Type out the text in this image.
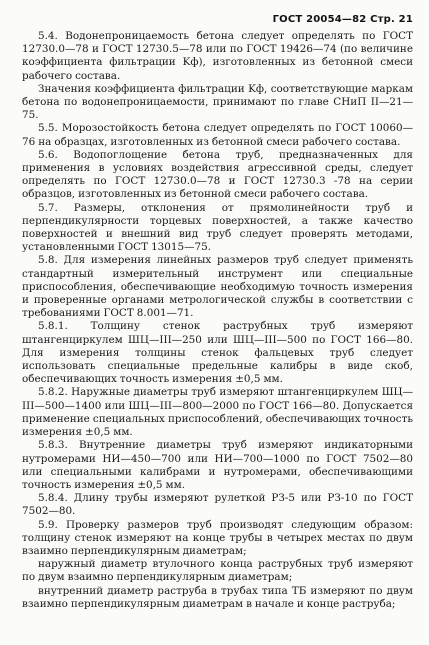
ГОСТ 20054—82 Стр. 21

5.4. Водонепроницаемость бетона следует определять по ГОСТ 12730.0—78 и ГОСТ 12730.5—78 или по ГОСТ 19426—74 (по величине коэффициента фильтрации Kф), изготовленных из бетонной смеси рабочего состава.

Значения коэффициента фильтрации Kф, соответствующие маркам бетона по водонепроницаемости, принимают по главе СНиП II—21—75.

5.5. Морозостойкость бетона следует определять по ГОСТ 10060—76 на образцах, изготовленных из бетонной смеси рабочего состава.

5.6. Водопоглощение бетона труб, предназначенных для применения в условиях воздействия агрессивной среды, следует определять по ГОСТ 12730.0—78 и ГОСТ 12730.3 -78 на серии образцов, изготовленных из бетонной смеси рабочего состава.

5.7. Размеры, отклонения от прямолинейности труб и перпендикулярности торцевых поверхностей, а также качество поверхностей и внешний вид труб следует проверять методами, установленными ГОСТ 13015—75.

5.8. Для измерения линейных размеров труб следует применять стандартный измерительный инструмент или специальные приспособления, обеспечивающие необходимую точность измерения и проверенные органами метрологической службы в соответствии с требованиями ГОСТ 8.001—71.

5.8.1. Толщину стенок раструбных труб измеряют штангенциркулем ШЦ—III—250 или ШЦ—III—500 по ГОСТ 166—80. Для измерения толщины стенок фальцевых труб следует использовать специальные предельные калибры в виде скоб, обеспечивающих точность измерения ±0,5 мм.

5.8.2. Наружные диаметры труб измеряют штангенциркулем ШЦ—III—500—1400 или ШЦ—III—800—2000 по ГОСТ 166—80. Допускается применение специальных приспособлений, обеспечивающих точность измерения ±0,5 мм.

5.8.3. Внутренние диаметры труб измеряют индикаторными нутромерами НИ—450—700 или НИ—700—1000 по ГОСТ 7502—80 или специальными калибрами и нутромерами, обеспечивающими точность измерения ±0,5 мм.

5.8.4. Длину трубы измеряют рулеткой РЗ-5 или РЗ-10 по ГОСТ 7502—80.

5.9. Проверку размеров труб производят следующим образом: толщину стенок измеряют на конце трубы в четырех местах по двум взаимно перпендикулярным диаметрам;

наружный диаметр втулочного конца раструбных труб измеряют по двум взаимно перпендикулярным диаметрам;

внутренний диаметр раструба в трубах типа ТБ измеряют по двум взаимно перпендикулярным диаметрам в начале и конце раструба;
